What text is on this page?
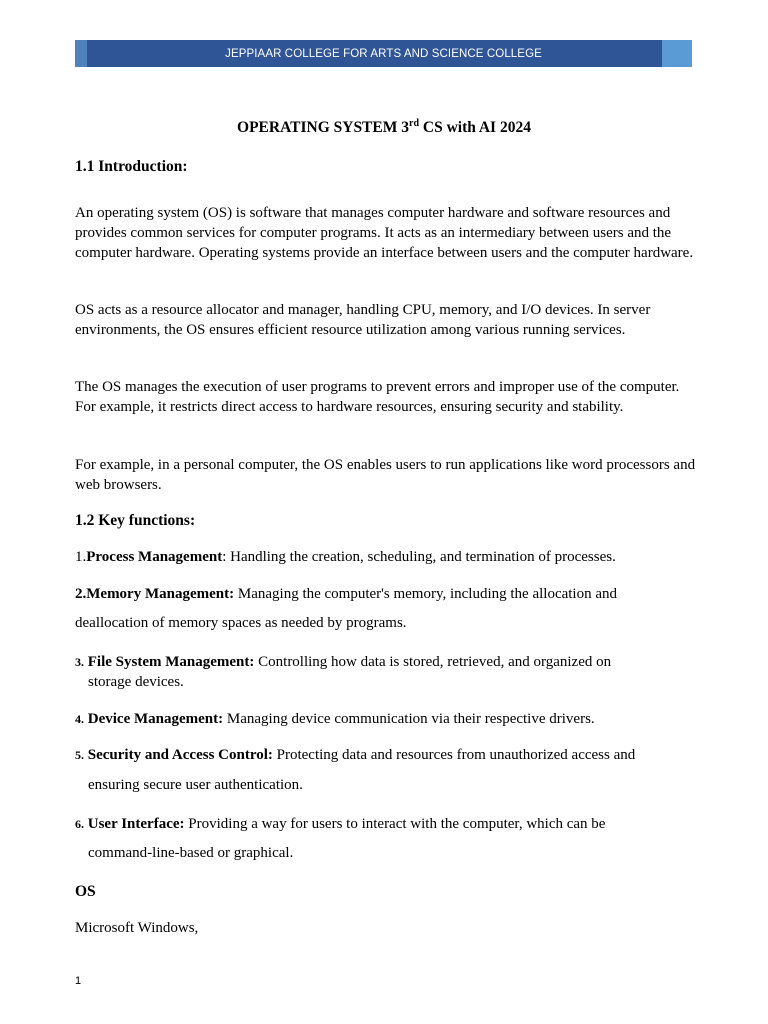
JEPPIAAR COLLEGE FOR ARTS AND SCIENCE COLLEGE
OPERATING SYSTEM 3rd CS with AI 2024
1.1 Introduction:
An operating system (OS) is software that manages computer hardware and software resources and provides common services for computer programs. It acts as an intermediary between users and the computer hardware. Operating systems provide an interface between users and the computer hardware.
OS acts as a resource allocator and manager, handling CPU, memory, and I/O devices. In server environments, the OS ensures efficient resource utilization among various running services.
The OS manages the execution of user programs to prevent errors and improper use of the computer. For example, it restricts direct access to hardware resources, ensuring security and stability.
For example, in a personal computer, the OS enables users to run applications like word processors and web browsers.
1.2 Key functions:
1.Process Management: Handling the creation, scheduling, and termination of processes.
2.Memory Management: Managing the computer's memory, including the allocation and
deallocation of memory spaces as needed by programs.
3. File System Management: Controlling how data is stored, retrieved, and organized on
storage devices.
4. Device Management: Managing device communication via their respective drivers.
5. Security and Access Control: Protecting data and resources from unauthorized access and
ensuring secure user authentication.
6. User Interface: Providing a way for users to interact with the computer, which can be
command-line-based or graphical.
OS
Microsoft Windows,
1
